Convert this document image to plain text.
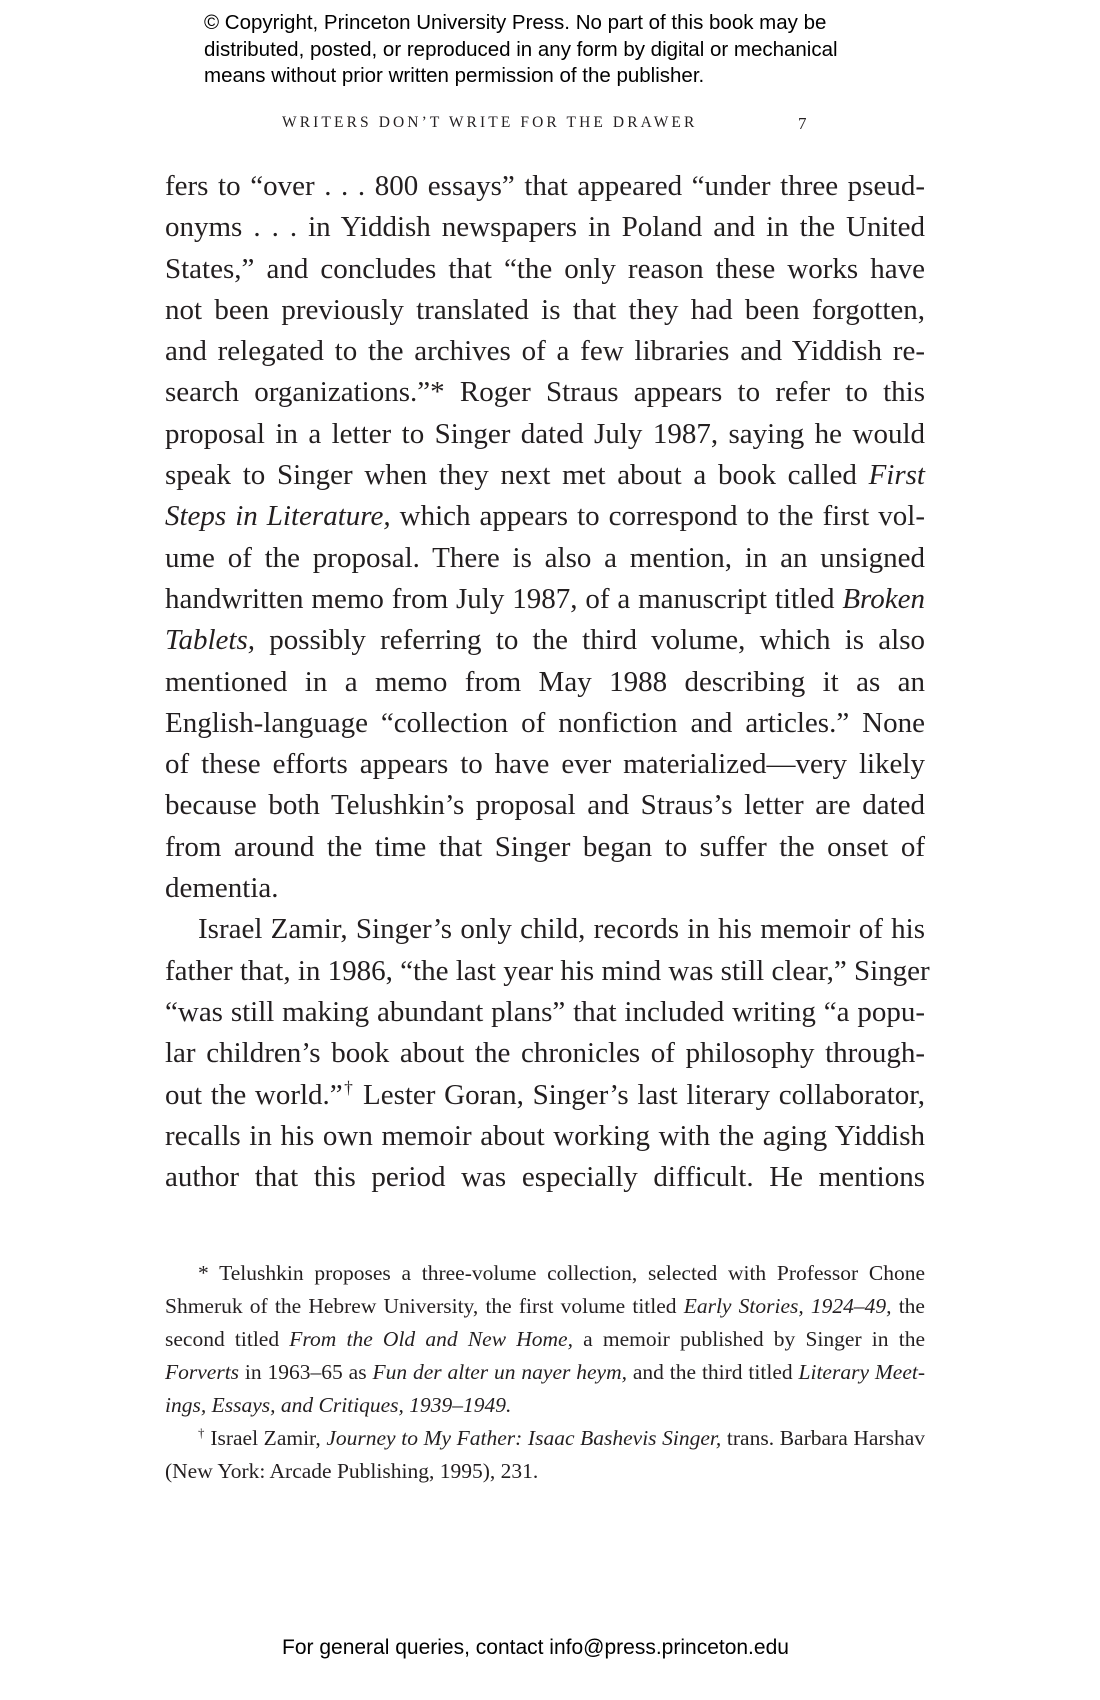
© Copyright, Princeton University Press. No part of this book may be
distributed, posted, or reproduced in any form by digital or mechanical
means without prior written permission of the publisher.
WRITERS DON’T WRITE FOR THE DRAWER	7
fers to “over . . . 800 essays” that appeared “under three pseud-
onyms . . . in Yiddish newspapers in Poland and in the United
States,” and concludes that “the only reason these works have
not been previously translated is that they had been forgotten,
and relegated to the archives of a few libraries and Yiddish re-
search organizations.”* Roger Straus appears to refer to this
proposal in a letter to Singer dated July 1987, saying he would
speak to Singer when they next met about a book called First
Steps in Literature, which appears to correspond to the first vol-
ume of the proposal. There is also a mention, in an unsigned
handwritten memo from July 1987, of a manuscript titled Broken
Tablets, possibly referring to the third volume, which is also
mentioned in a memo from May 1988 describing it as an
English-language “collection of nonfiction and articles.” None
of these efforts appears to have ever materialized—very likely
because both Telushkin’s proposal and Straus’s letter are dated
from around the time that Singer began to suffer the onset of
dementia.
Israel Zamir, Singer’s only child, records in his memoir of his
father that, in 1986, “the last year his mind was still clear,” Singer
“was still making abundant plans” that included writing “a popu-
lar children’s book about the chronicles of philosophy through-
out the world.”† Lester Goran, Singer’s last literary collaborator,
recalls in his own memoir about working with the aging Yiddish
author that this period was especially difficult. He mentions
* Telushkin proposes a three-volume collection, selected with Professor Chone
Shmeruk of the Hebrew University, the first volume titled Early Stories, 1924–49, the
second titled From the Old and New Home, a memoir published by Singer in the
Forverts in 1963–65 as Fun der alter un nayer heym, and the third titled Literary Meet-
ings, Essays, and Critiques, 1939–1949.
† Israel Zamir, Journey to My Father: Isaac Bashevis Singer, trans. Barbara Harshav
(New York: Arcade Publishing, 1995), 231.
For general queries, contact info@press.princeton.edu
